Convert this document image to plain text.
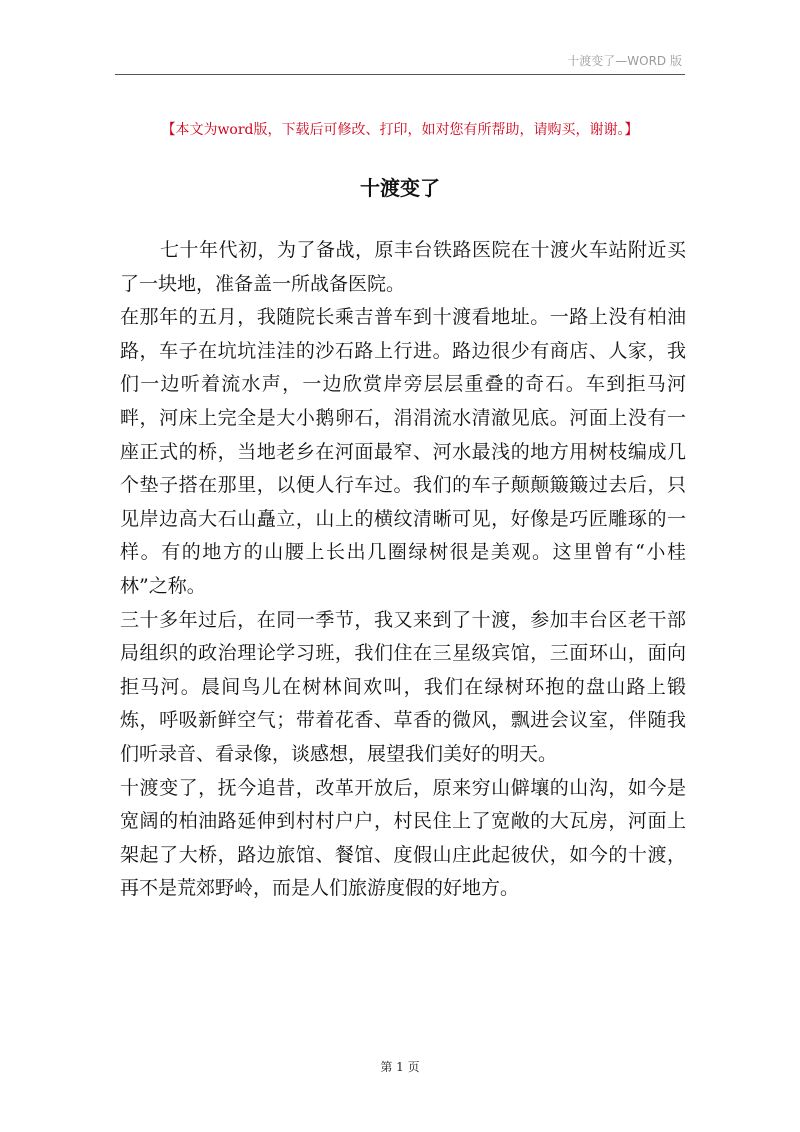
十渡变了—WORD 版
【本文为word版，下载后可修改、打印，如对您有所帮助，请购买，谢谢。】
十渡变了

七十年代初，为了备战，原丰台铁路医院在十渡火车站附近买了一块地，准备盖一所战备医院。

在那年的五月，我随院长乘吉普车到十渡看地址。一路上没有柏油路，车子在坑坑洼洼的沙石路上行进。路边很少有商店、人家，我们一边听着流水声，一边欣赏岸旁层层重叠的奇石。车到拒马河畔，河床上完全是大小鹅卵石，涓涓流水清澈见底。河面上没有一座正式的桥，当地老乡在河面最窄、河水最浅的地方用树枝编成几个垫子搭在那里，以便人行车过。我们的车子颠颠簸簸过去后，只见岸边高大石山矗立，山上的横纹清晰可见，好像是巧匠雕琢的一样。有的地方的山腰上长出几圈绿树很是美观。这里曾有“小桂林”之称。

三十多年过后，在同一季节，我又来到了十渡，参加丰台区老干部局组织的政治理论学习班，我们住在三星级宾馆，三面环山，面向拒马河。晨间鸟儿在树林间欢叫，我们在绿树环抱的盘山路上锻炼，呼吸新鲜空气；带着花香、草香的微风，飘进会议室，伴随我们听录音、看录像，谈感想，展望我们美好的明天。

十渡变了，抚今追昔，改革开放后，原来穷山僻壤的山沟，如今是宽阔的柏油路延伸到村村户户，村民住上了宽敞的大瓦房，河面上架起了大桥，路边旅馆、餐馆、度假山庄此起彼伏，如今的十渡，再不是荒郊野岭，而是人们旅游度假的好地方。

第 1 页
